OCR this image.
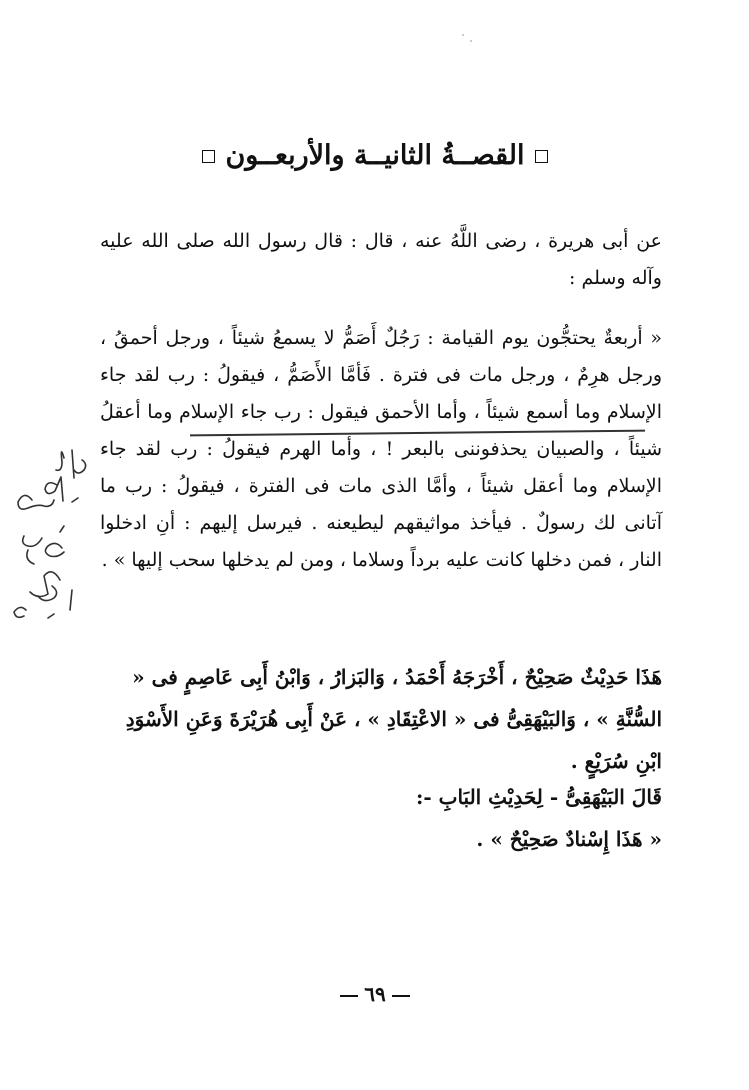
القصــةُ الثانيــة والأربعــون
عن أبى هريرة ، رضى اللَّهُ عنه ، قال : قال رسول الله صلى الله عليه وآله وسلم :
« أربعةٌ يحتجُّون يوم القيامة : رَجُلٌ أَصَمُّ لا يسمعُ شيئاً ، ورجل أحمقُ ، ورجل هرِمٌ ، ورجل مات فى فترة . فَأمَّا الأَصَمُّ ، فيقولُ : رب لقد جاء الإسلام وما أسمع شيئاً ، وأما الأحمق فيقول : رب جاء الإسلام وما أعقلُ شيئاً ، والصبيان يحذفوننى بالبعر ! ، وأما الهرم فيقولُ : رب لقد جاء الإسلام وما أعقل شيئاً ، وأمَّا الذى مات فى الفترة ، فيقولُ : رب ما آتانى لك رسولٌ . فيأخذ مواثيقهم ليطيعنه . فيرسل إليهم : أنِ ادخلوا النار ، فمن دخلها كانت عليه برداً وسلاما ، ومن لم يدخلها سحب إليها » .
هَذَا حَدِيْثٌ صَحِيْحٌ ، أَخْرَجَهُ أَحْمَدُ ، وَالبَزارُ ، وَابْنُ أَبِى عَاصِمٍ فى « السُّنَّةِ » ، وَالبَيْهَقِىُّ فى « الاعْتِقَادِ » ، عَنْ أَبِى هُرَيْرَةَ وَعَنِ الأَسْوَدِ ابْنِ سُرَيْعٍ .
قَالَ البَيْهَقِىُّ - لِحَدِيْثِ البَابِ -:
« هَذَا إِسْنادٌ صَحِيْحٌ » .
٦٩
